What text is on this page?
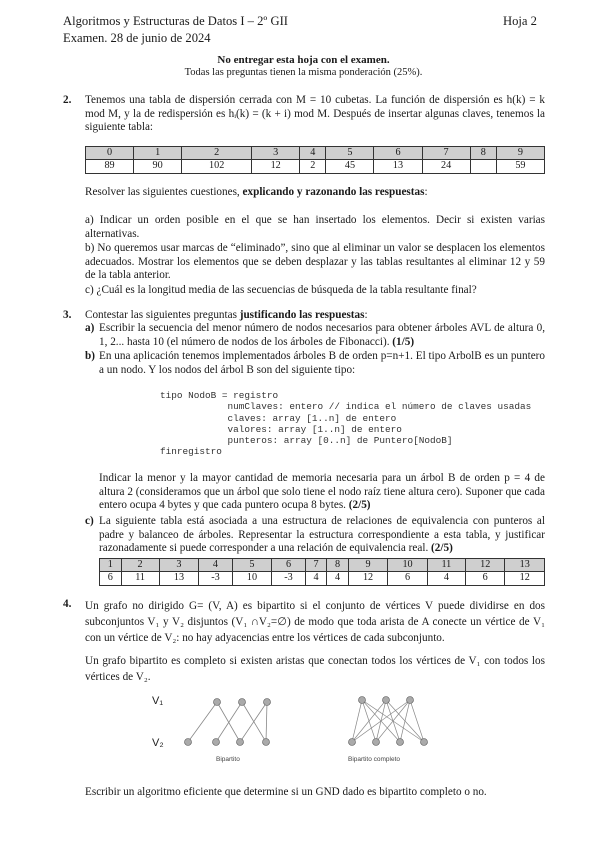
Algoritmos y Estructuras de Datos I – 2º GII	Hoja 2
Examen. 28 de junio de 2024
No entregar esta hoja con el examen.
Todas las preguntas tienen la misma ponderación (25%).
2. Tenemos una tabla de dispersión cerrada con M = 10 cubetas. La función de dispersión es h(k) = k mod M, y la de redispersión es hᵢ(k) = (k + i) mod M. Después de insertar algunas claves, tenemos la siguiente tabla:
0	1	2	3	4	5	6	7	8	9
89	90	102	12	2	45	13	24		59
Resolver las siguientes cuestiones, explicando y razonando las respuestas:
a) Indicar un orden posible en el que se han insertado los elementos. Decir si existen varias alternativas.
b) No queremos usar marcas de “eliminado”, sino que al eliminar un valor se desplacen los elementos adecuados. Mostrar los elementos que se deben desplazar y las tablas resultantes al eliminar 12 y 59 de la tabla anterior.
c) ¿Cuál es la longitud media de las secuencias de búsqueda de la tabla resultante final?
3. Contestar las siguientes preguntas justificando las respuestas:
a) Escribir la secuencia del menor número de nodos necesarios para obtener árboles AVL de altura 0, 1, 2... hasta 10 (el número de nodos de los árboles de Fibonacci). (1/5)
b) En una aplicación tenemos implementados árboles B de orden p=n+1. El tipo ArbolB es un puntero a un nodo. Y los nodos del árbol B son del siguiente tipo:
tipo NodoB = registro
numClaves: entero // indica el número de claves usadas
claves: array [1..n] de entero
valores: array [1..n] de entero
punteros: array [0..n] de Puntero[NodoB]
finregistro
Indicar la menor y la mayor cantidad de memoria necesaria para un árbol B de orden p = 4 de altura 2 (consideramos que un árbol que solo tiene el nodo raíz tiene altura cero). Suponer que cada entero ocupa 4 bytes y que cada puntero ocupa 8 bytes. (2/5)
c) La siguiente tabla está asociada a una estructura de relaciones de equivalencia con punteros al padre y balanceo de árboles. Representar la estructura correspondiente a esta tabla, y justificar razonadamente si puede corresponder a una relación de equivalencia real. (2/5)
1	2	3	4	5	6	7	8	9	10	11	12	13
6	11	13	-3	10	-3	4	4	12	6	4	6	12
4. Un grafo no dirigido G= (V, A) es bipartito si el conjunto de vértices V puede dividirse en dos subconjuntos V₁ y V₂ disjuntos (V₁ ∩V₂=∅) de modo que toda arista de A conecte un vértice de V₁ con un vértice de V₂: no hay adyacencias entre los vértices de cada subconjunto.
Un grafo bipartito es completo si existen aristas que conectan todos los vértices de V₁ con todos los vértices de V₂.
V₁
V₂
Bipartito	Bipartito completo
Escribir un algoritmo eficiente que determine si un GND dado es bipartito completo o no.
